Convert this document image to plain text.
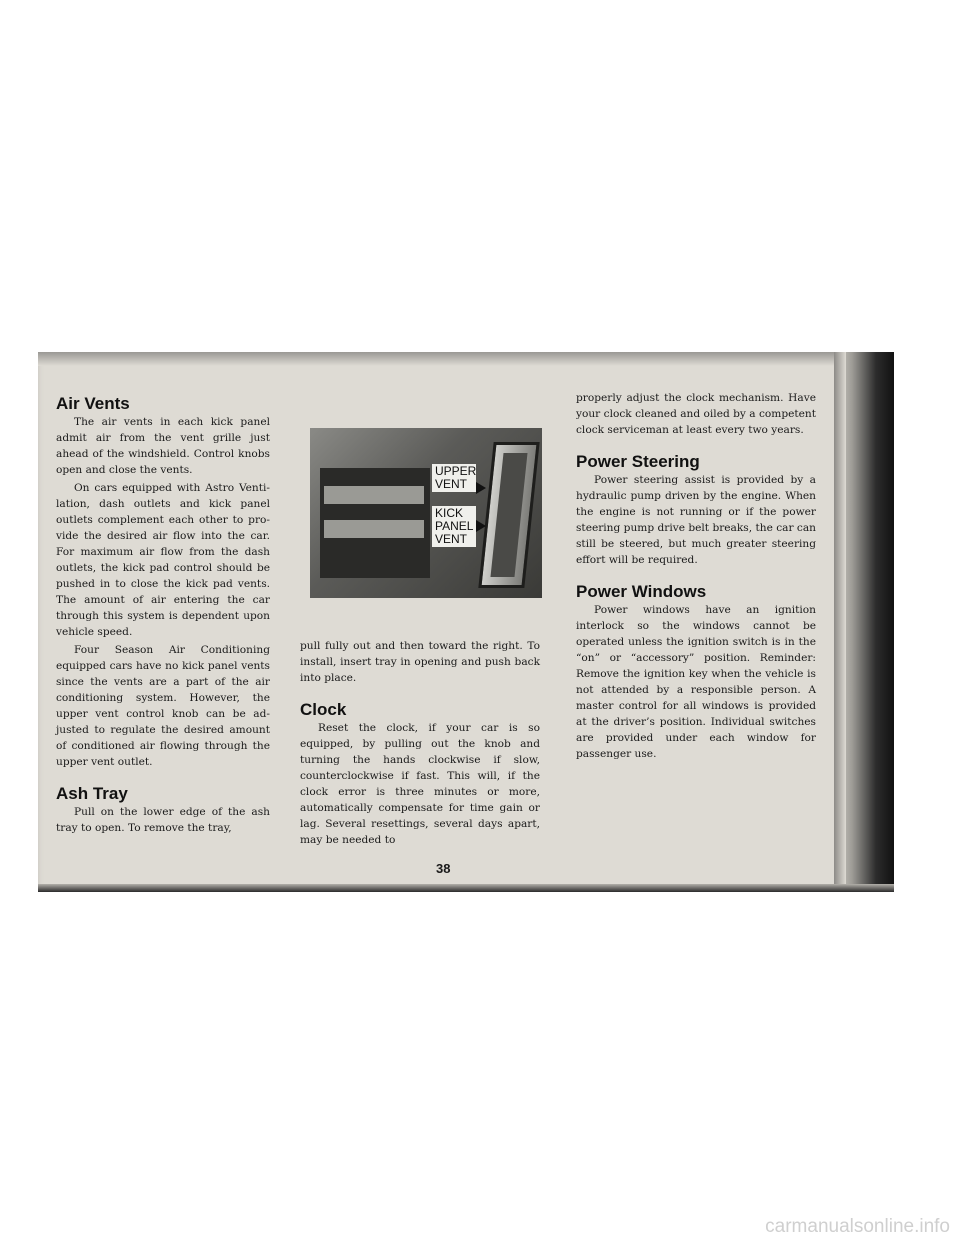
Air Vents

The air vents in each kick panel admit air from the vent grille just ahead of the windshield. Control knobs open and close the vents.

On cars equipped with Astro Ventilation, dash outlets and kick panel outlets complement each other to provide the desired air flow into the car. For maximum air flow from the dash outlets, the kick pad control should be pushed in to close the kick pad vents. The amount of air entering the car through this system is dependent upon vehicle speed.

Four Season Air Conditioning equipped cars have no kick panel vents since the vents are a part of the air conditioning system. However, the upper vent control knob can be adjusted to regulate the desired amount of conditioned air flowing through the upper vent outlet.

Ash Tray

Pull on the lower edge of the ash tray to open. To remove the tray,

UPPER VENT
KICK PANEL VENT

pull fully out and then toward the right. To install, insert tray in opening and push back into place.

Clock

Reset the clock, if your car is so equipped, by pulling out the knob and turning the hands clockwise if slow, counterclockwise if fast. This will, if the clock error is three minutes or more, automatically compensate for time gain or lag. Several resettings, several days apart, may be needed to

properly adjust the clock mechanism. Have your clock cleaned and oiled by a competent clock serviceman at least every two years.

Power Steering

Power steering assist is provided by a hydraulic pump driven by the engine. When the engine is not running or if the power steering pump drive belt breaks, the car can still be steered, but much greater steering effort will be required.

Power Windows

Power windows have an ignition interlock so the windows cannot be operated unless the ignition switch is in the “on” or “accessory” position. Reminder: Remove the ignition key when the vehicle is not attended by a responsible person. A master control for all windows is provided at the driver’s position. Individual switches are provided under each window for passenger use.

38
carmanualsonline.info
